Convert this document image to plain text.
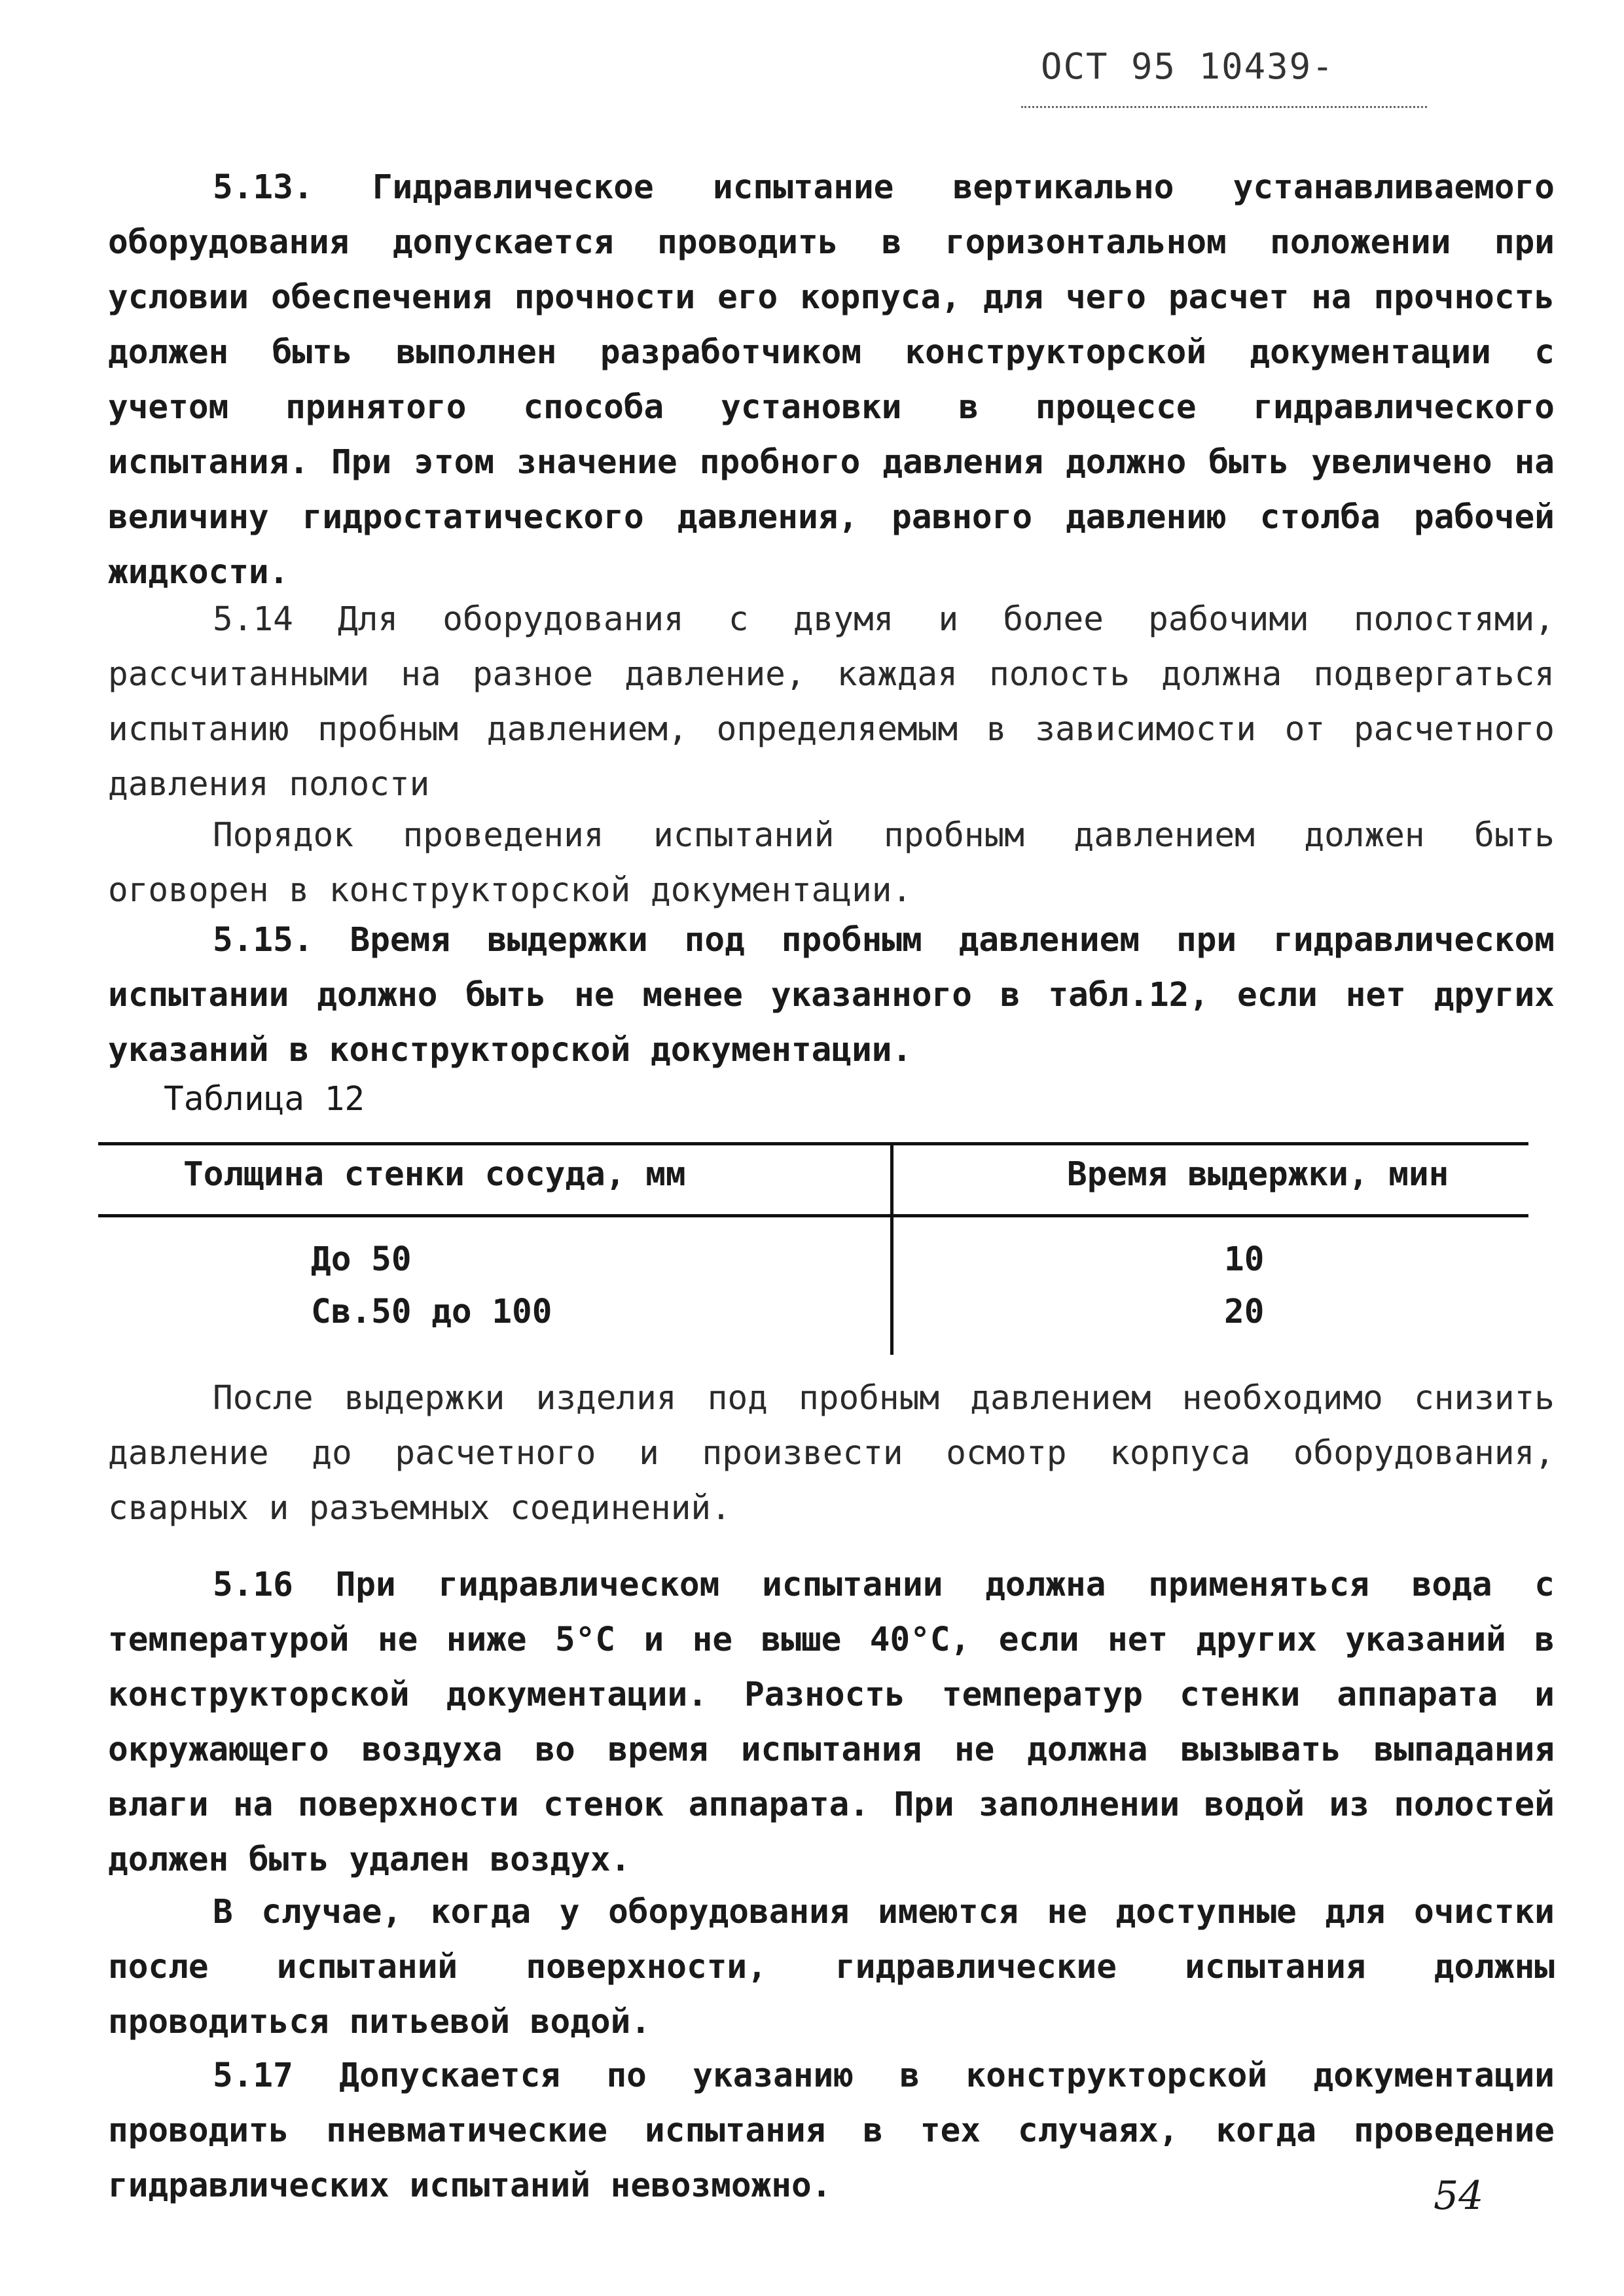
ОСТ 95 10439-

5.13. Гидравлическое испытание вертикально устанавливаемого оборудования допускается проводить в горизонтальном положении при условии обеспечения прочности его корпуса, для чего расчет на прочность должен быть выполнен разработчиком конструкторской документации с учетом принятого способа установки в процессе гидравлического испытания. При этом значение пробного давления должно быть увеличено на величину гидростатического давления, равного давлению столба рабочей жидкости.

5.14 Для оборудования с двумя и более рабочими полостями, рассчитанными на разное давление, каждая полость должна подвергаться испытанию пробным давлением, определяемым в зависимости от расчетного давления полости

Порядок проведения испытаний пробным давлением должен быть оговорен в конструкторской документации.

5.15. Время выдержки под пробным давлением при гидравлическом испытании должно быть не менее указанного в табл.12, если нет других указаний в конструкторской документации.

Таблица 12
Толщина стенки сосуда, мм	Время выдержки, мин
До 50	10
Св.50 до 100	20

После выдержки изделия под пробным давлением необходимо снизить давление до расчетного и произвести осмотр корпуса оборудования, сварных и разъемных соединений.

5.16 При гидравлическом испытании должна применяться вода с температурой не ниже 5°С и не выше 40°С, если нет других указаний в конструкторской документации. Разность температур стенки аппарата и окружающего воздуха во время испытания не должна вызывать выпадания влаги на поверхности стенок аппарата. При заполнении водой из полостей должен быть удален воздух.

В случае, когда у оборудования имеются не доступные для очистки после испытаний поверхности, гидравлические испытания должны проводиться питьевой водой.

5.17 Допускается по указанию в конструкторской документации проводить пневматические испытания в тех случаях, когда проведение гидравлических испытаний невозможно.	54
